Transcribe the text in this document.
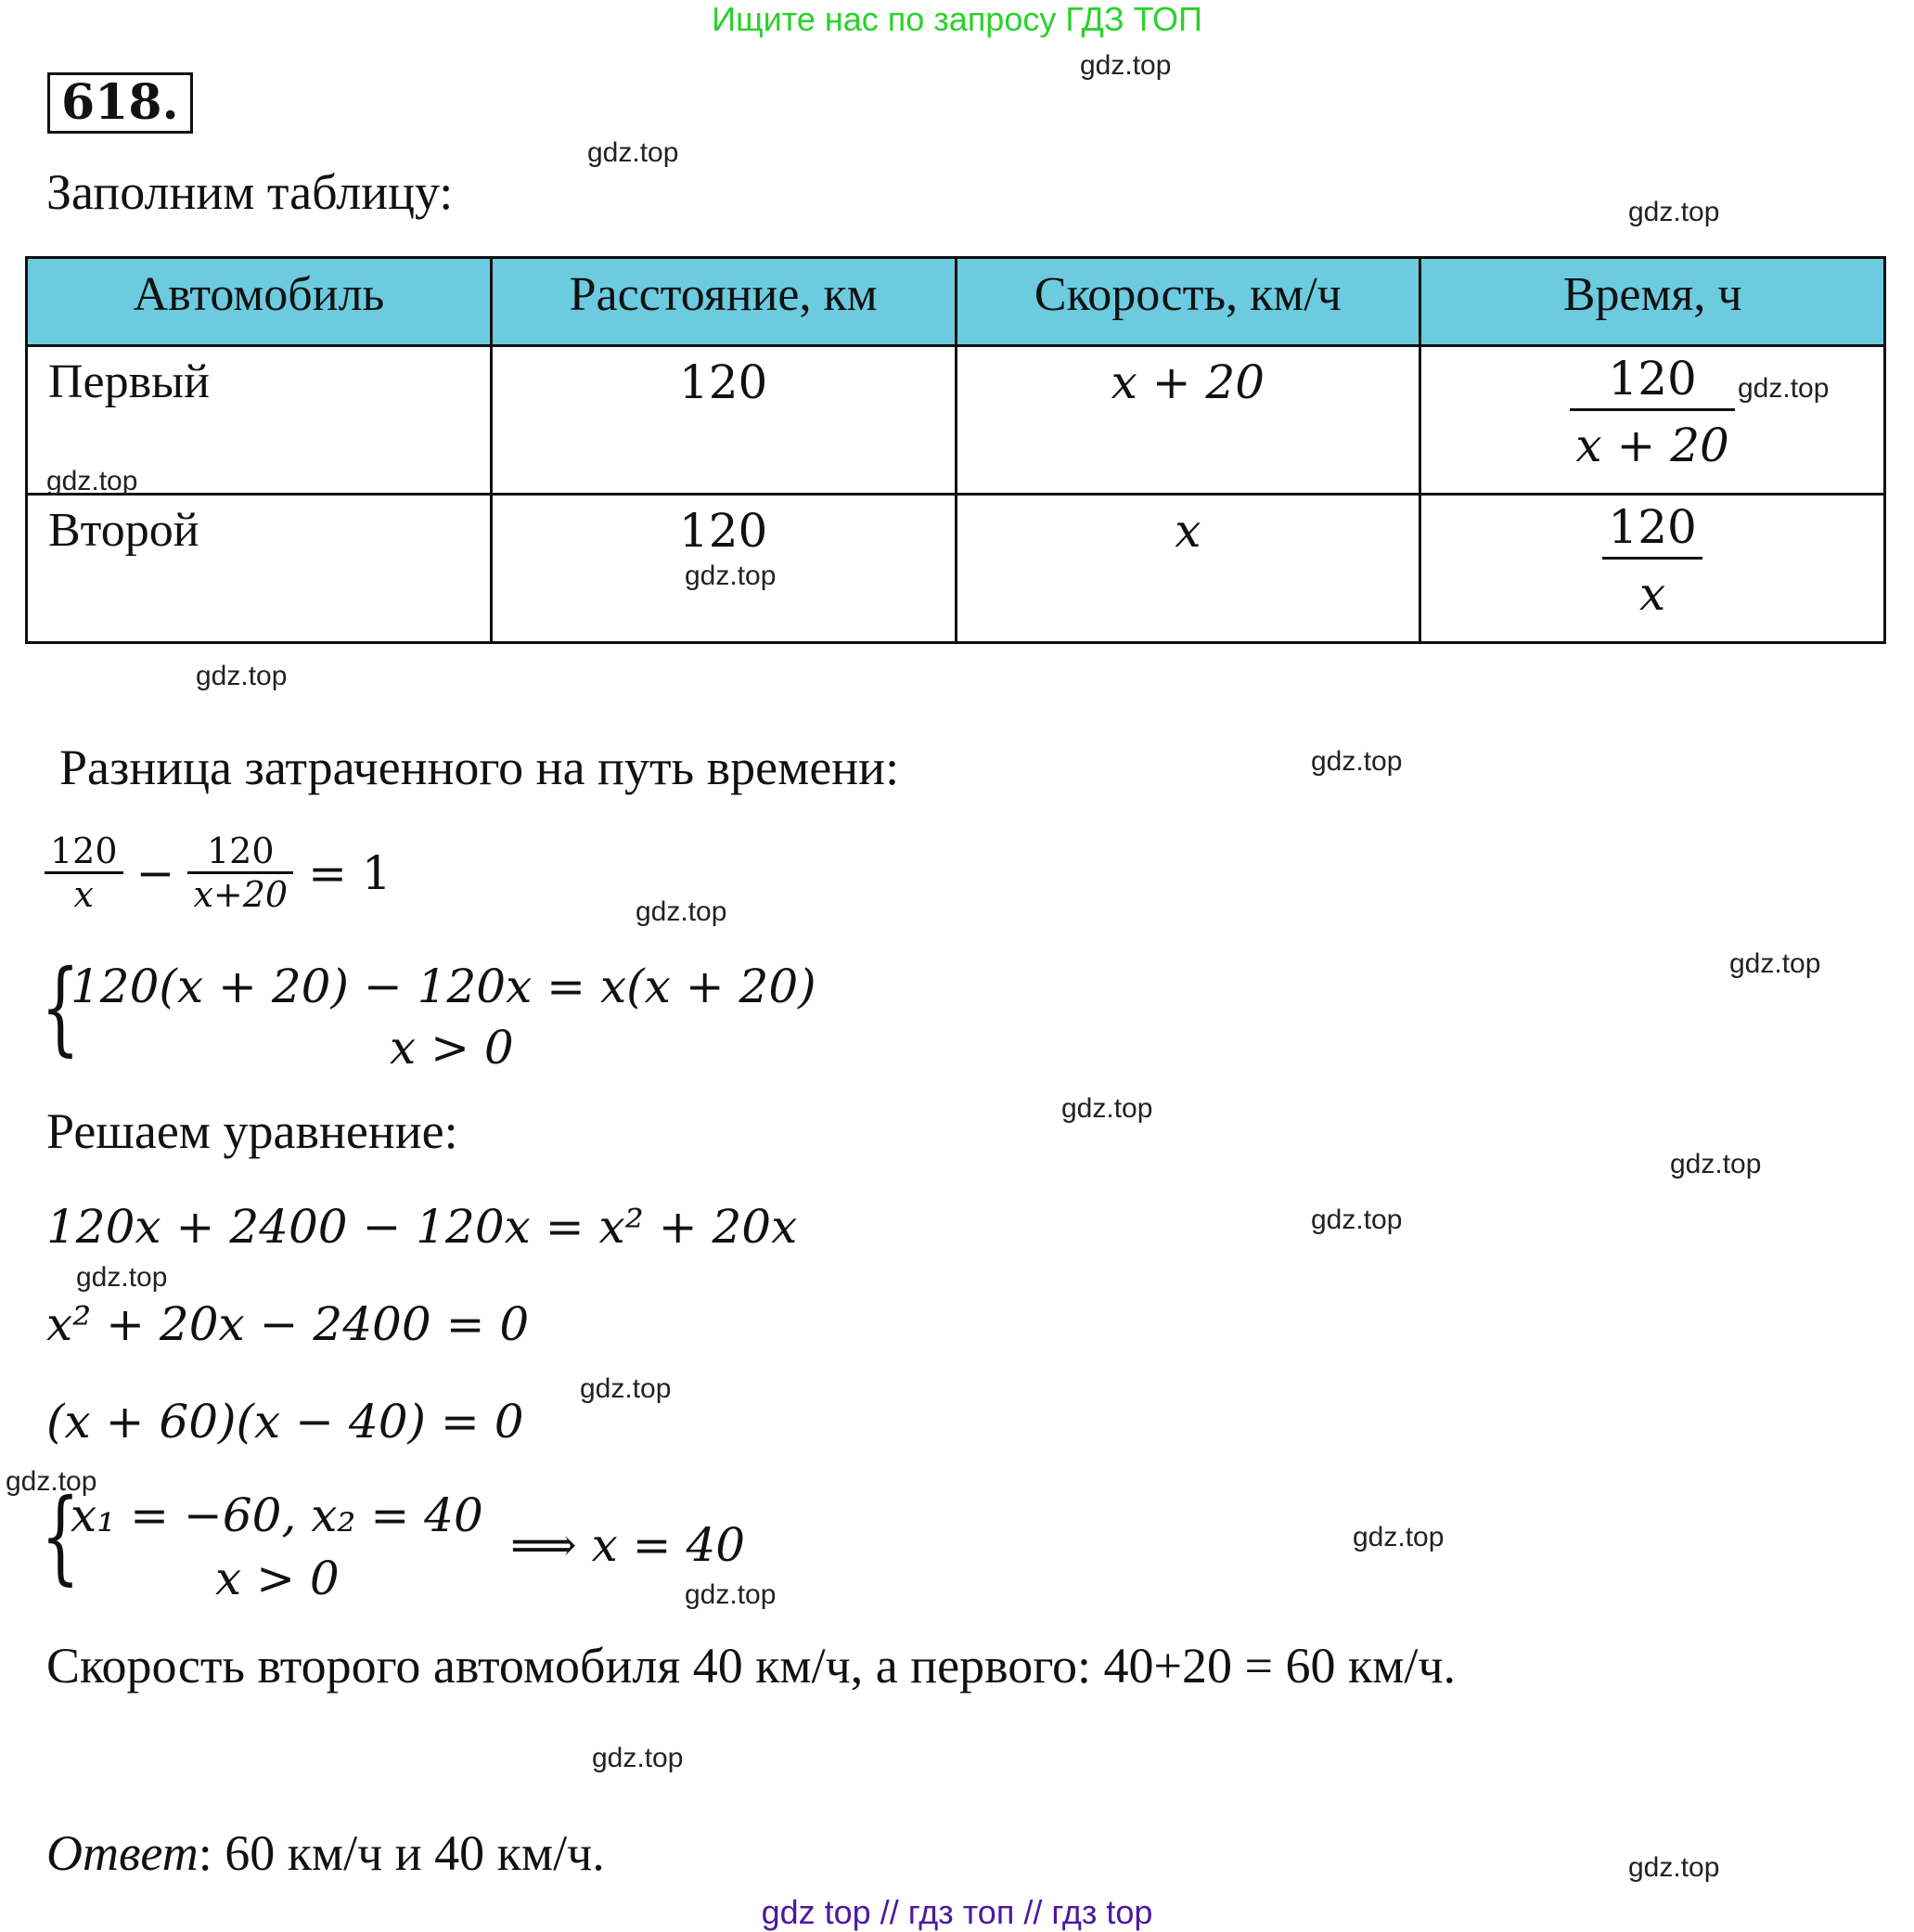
Ищите нас по запросу ГДЗ ТОП
618.
Заполним таблицу:
Автомобиль	Расстояние, км	Скорость, км/ч	Время, ч
Первый	120	x + 20	$\frac{120}{x + 20}$

Второй	120	x	$\frac{120}{x}$
Разница затраченного на путь времени:
$\frac{120}{x} - \frac{120}{x+20} = 1$
{
120(x + 20) − 120x = x(x + 20)
x > 0
Решаем уравнение:
120x + 2400 − 120x = x² + 20x
x² + 20x − 2400 = 0
(x + 60)(x − 40) = 0
{
x₁ = −60, x₂ = 40
x > 0
⟹ x = 40
Скорость второго автомобиля 40 км/ч, а первого: 40+20 = 60 км/ч.
Ответ: 60 км/ч и 40 км/ч.
gdz.top
gdz.top
gdz.top
gdz.top
gdz.top
gdz.top
gdz.top
gdz.top
gdz.top
gdz.top
gdz.top
gdz.top
gdz.top
gdz.top
gdz.top
gdz.top
gdz.top
gdz.top
gdz.top
gdz.top
gdz top // гдз топ // гдз top
